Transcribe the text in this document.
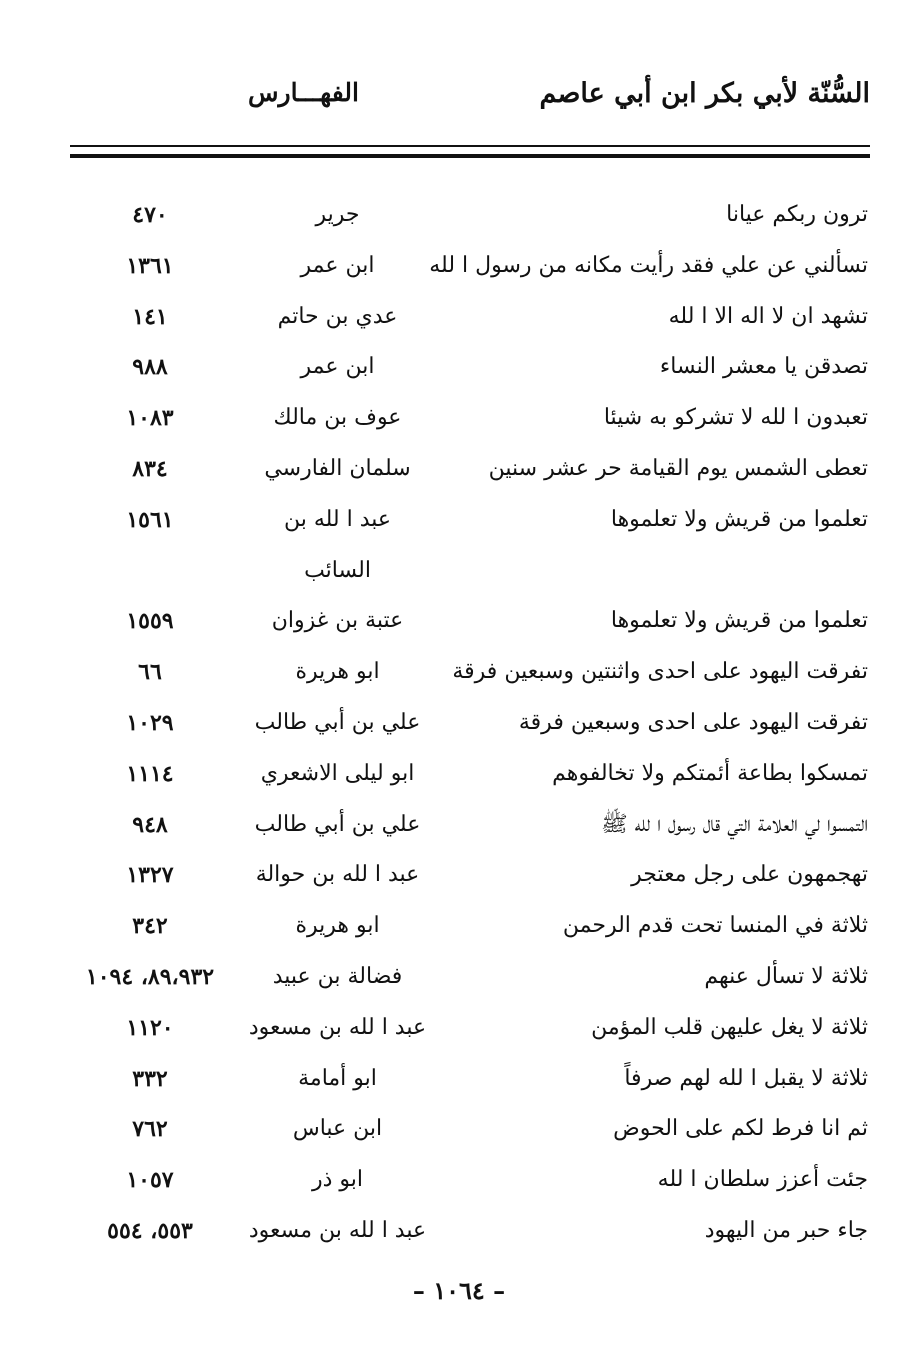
السُّنّة لأبي بكر ابن أبي عاصم
الفهـــارس
ترون ربكم عيانا
جرير
٤٧٠
تسألني عن علي فقد رأيت مكانه من رسول ا لله
ابن عمر
١٣٦١
تشهد ان لا اله الا ا لله
عدي بن حاتم
١٤١
تصدقن يا معشر النساء
ابن عمر
٩٨٨
تعبدون ا لله لا تشركو به شيئا
عوف بن مالك
١٠٨٣
تعطى الشمس يوم القيامة حر عشر سنين
سلمان الفارسي
٨٣٤
تعلموا من قريش ولا تعلموها
عبد ا لله بن
١٥٦١
السائب
تعلموا من قريش ولا تعلموها
عتبة بن غزوان
١٥٥٩
تفرقت اليهود على احدى واثنتين وسبعين فرقة
ابو هريرة
٦٦
تفرقت اليهود على احدى وسبعين فرقة
علي بن أبي طالب
١٠٢٩
تمسكوا بطاعة أئمتكم ولا تخالفوهم
ابو ليلى الاشعري
١١١٤
التمسوا لي العلامة التي قال رسول ا لله ﷺ
علي بن أبي طالب
٩٤٨
تهجمهون على رجل معتجر
عبد ا لله بن حوالة
١٣٢٧
ثلاثة في المنسا تحت قدم الرحمن
ابو هريرة
٣٤٢
ثلاثة لا تسأل عنهم
فضالة بن عبيد
٨٩،٩٣٢، ١٠٩٤
ثلاثة لا يغل عليهن قلب المؤمن
عبد ا لله بن مسعود
١١٢٠
ثلاثة لا يقبل ا لله لهم صرفاً
ابو أمامة
٣٣٢
ثم انا فرط لكم على الحوض
ابن عباس
٧٦٢
جئت أعزز سلطان ا لله
ابو ذر
١٠٥٧
جاء حبر من اليهود
عبد ا لله بن مسعود
٥٥٣، ٥٥٤
– ١٠٦٤ –
